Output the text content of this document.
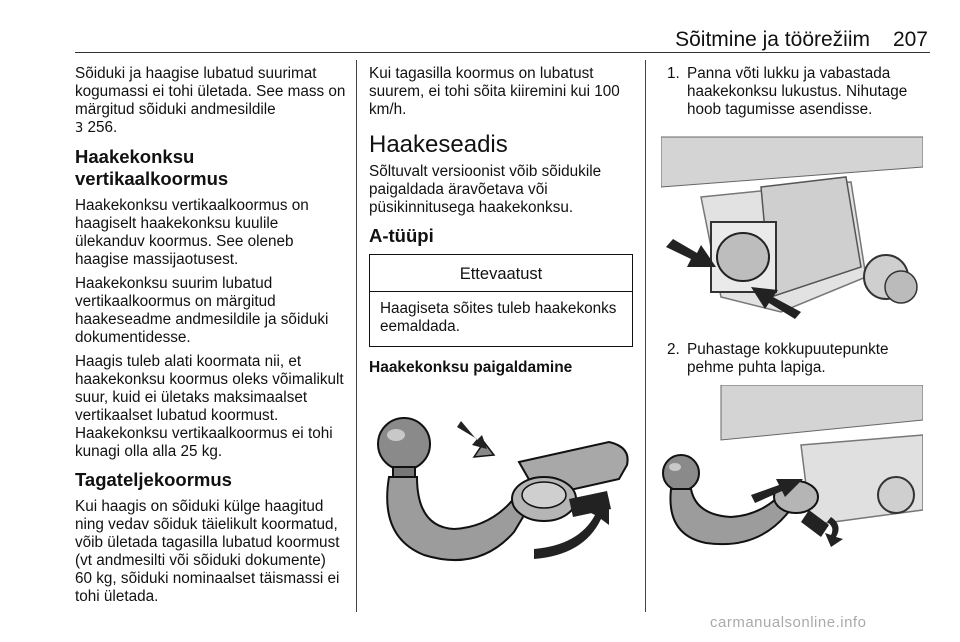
Sõitmine ja töörežiim	207

Sõiduki ja haagise lubatud suurimat kogumassi ei tohi ületada. See mass on märgitud sõiduki andmesildile
3 256.

Haakekonksu vertikaalkoormus

Haakekonksu vertikaalkoormus on haagiselt haakekonksu kuulile ülekanduv koormus. See oleneb haagise massijaotusest.

Haakekonksu suurim lubatud vertikaalkoormus on märgitud haakeseadme andmesildile ja sõiduki dokumentidesse.

Haagis tuleb alati koormata nii, et haakekonksu koormus oleks võimalikult suur, kuid ei ületaks maksimaalset vertikaalset lubatud koormust. Haakekonksu vertikaalkoormus ei tohi kunagi olla alla 25 kg.

Tagateljekoormus

Kui haagis on sõiduki külge haagitud ning vedav sõiduk täielikult koormatud, võib ületada tagasilla lubatud koormust (vt andmesilti või sõiduki dokumente) 60 kg, sõiduki nominaalset täismassi ei tohi ületada.

Kui tagasilla koormus on lubatust suurem, ei tohi sõita kiiremini kui 100 km/h.

Haakeseadis

Sõltuvalt versioonist võib sõidukile paigaldada äravõetava või püsikinnitusega haakekonksu.

A-tüüpi
Ettevaatust
Haagiseta sõites tuleb haakekonks eemaldada.
Haakekonksu paigaldamine
1. Panna võti lukku ja vabastada haakekonksu lukustus. Nihutage hoob tagumisse asendisse.
2. Puhastage kokkupuutepunkte pehme puhta lapiga.
carmanualsonline.info
